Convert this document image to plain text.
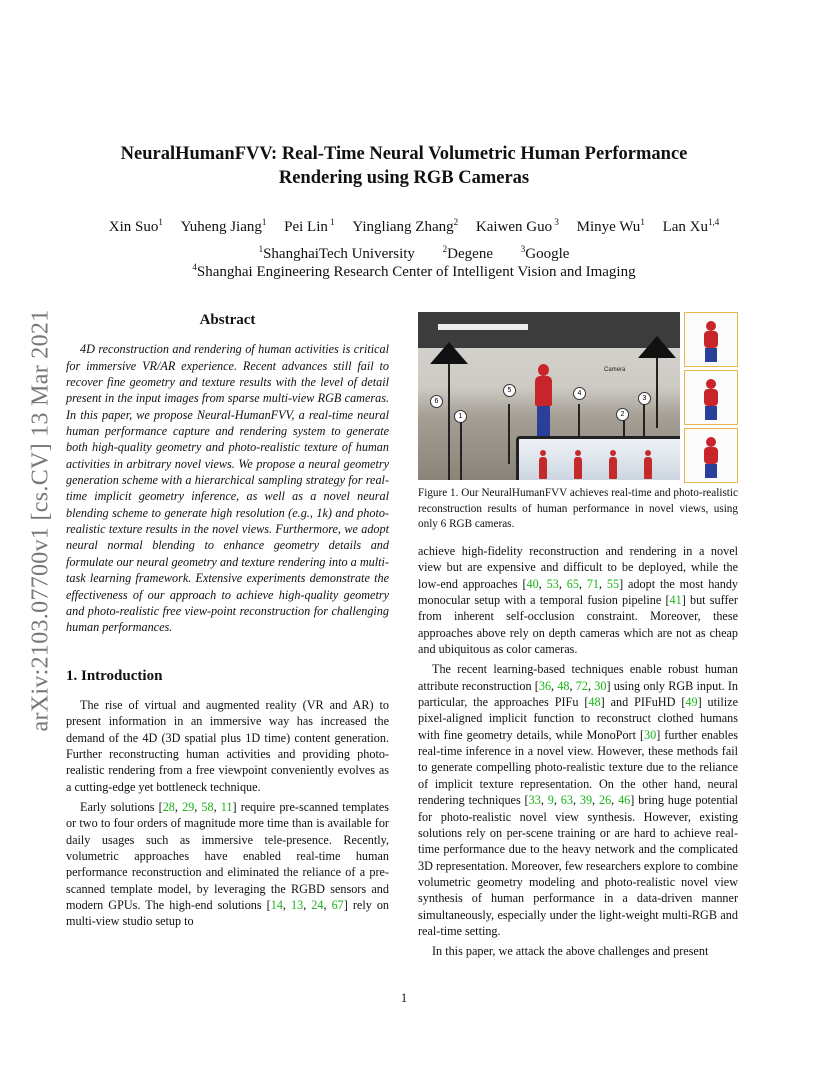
arXiv:2103.07700v1 [cs.CV] 13 Mar 2021
NeuralHumanFVV: Real-Time Neural Volumetric Human Performance
Rendering using RGB Cameras
Xin Suo$^1$ Yuheng Jiang$^1$ Pei Lin $^1$ Yingliang Zhang$^2$ Kaiwen Guo $^3$ Minye Wu$^1$ Lan Xu$^{1,4}$
$^1$ShanghaiTech University	$^2$Degene	$^3$Google
$^4$Shanghai Engineering Research Center of Intelligent Vision and Imaging
Abstract

4D reconstruction and rendering of human activities is critical for immersive VR/AR experience. Recent advances still fail to recover fine geometry and texture results with the level of detail present in the input images from sparse multi-view RGB cameras. In this paper, we propose Neural-HumanFVV, a real-time neural human performance capture and rendering system to generate both high-quality geometry and photo-realistic texture of human activities in arbitrary novel views. We propose a neural geometry generation scheme with a hierarchical sampling strategy for real-time implicit geometry inference, as well as a novel neural blending scheme to generate high resolution (e.g., 1k) and photo-realistic texture results in the novel views. Furthermore, we adopt neural normal blending to enhance geometry details and formulate our neural geometry and texture rendering into a multi-task learning framework. Extensive experiments demonstrate the effectiveness of our approach to achieve high-quality geometry and photo-realistic free view-point reconstruction for challenging human performances.

1. Introduction

The rise of virtual and augmented reality (VR and AR) to present information in an immersive way has increased the demand of the 4D (3D spatial plus 1D time) content generation. Further reconstructing human activities and providing photo-realistic rendering from a free viewpoint conveniently evolves as a cutting-edge yet bottleneck technique.

Early solutions [28, 29, 58, 11] require pre-scanned templates or two to four orders of magnitude more time than is available for daily usages such as immersive tele-presence. Recently, volumetric approaches have enabled real-time human performance reconstruction and eliminated the reliance of a pre-scanned template model, by leveraging the RGBD sensors and modern GPUs. The high-end solutions [14, 13, 24, 67] rely on multi-view studio setup to

Camera
1	2
3
4
5
6

Figure 1. Our NeuralHumanFVV achieves real-time and photo-realistic reconstruction results of human performance in novel views, using only 6 RGB cameras.

achieve high-fidelity reconstruction and rendering in a novel view but are expensive and difficult to be deployed, while the low-end approaches [40, 53, 65, 71, 55] adopt the most handy monocular setup with a temporal fusion pipeline [41] but suffer from inherent self-occlusion constraint. Moreover, these approaches above rely on depth cameras which are not as cheap and ubiquitous as color cameras.

The recent learning-based techniques enable robust human attribute reconstruction [36, 48, 72, 30] using only RGB input. In particular, the approaches PIFu [48] and PIFuHD [49] utilize pixel-aligned implicit function to reconstruct clothed humans with fine geometry details, while MonoPort [30] further enables real-time inference in a novel view. However, these methods fail to generate compelling photo-realistic texture due to the reliance of implicit texture representation. On the other hand, neural rendering techniques [33, 9, 63, 39, 26, 46] bring huge potential for photo-realistic novel view synthesis. However, existing solutions rely on per-scene training or are hard to achieve real-time performance due to the heavy network and the complicated 3D representation. Moreover, few researchers explore to combine volumetric geometry modeling and photo-realistic novel view synthesis of human performance in a data-driven manner simultaneously, especially under the light-weight multi-RGB and real-time setting.

In this paper, we attack the above challenges and present

1
